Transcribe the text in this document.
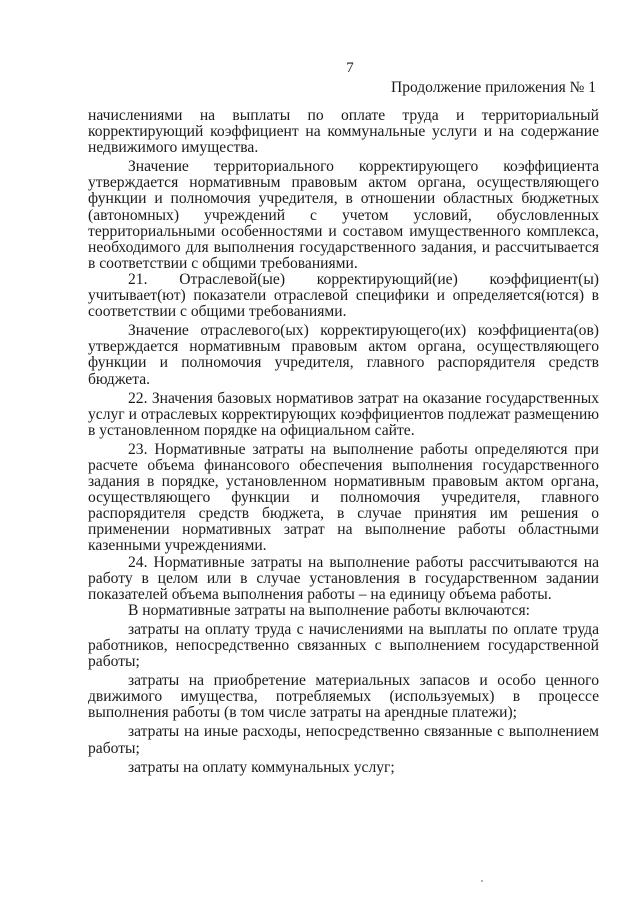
7
Продолжение приложения № 1

начислениями на выплаты по оплате труда и территориальный корректирующий коэффициент на коммунальные услуги и на содержание недвижимого имущества.

Значение территориального корректирующего коэффициента утверждается нормативным правовым актом органа, осуществляющего функции и полномочия учредителя, в отношении областных бюджетных (автономных) учреждений с учетом условий, обусловленных территориальными особенностями и составом имущественного комплекса, необходимого для выполнения государственного задания, и рассчитывается в соответствии с общими требованиями.

21. Отраслевой(ые) корректирующий(ие) коэффициент(ы) учитывает(ют) показатели отраслевой специфики и определяется(ются) в соответствии с общими требованиями.

Значение отраслевого(ых) корректирующего(их) коэффициента(ов) утверждается нормативным правовым актом органа, осуществляющего функции и полномочия учредителя, главного распорядителя средств бюджета.

22. Значения базовых нормативов затрат на оказание государственных услуг и отраслевых корректирующих коэффициентов подлежат размещению в установленном порядке на официальном сайте.

23. Нормативные затраты на выполнение работы определяются при расчете объема финансового обеспечения выполнения государственного задания в порядке, установленном нормативным правовым актом органа, осуществляющего функции и полномочия учредителя, главного распорядителя средств бюджета, в случае принятия им решения о применении нормативных затрат на выполнение работы областными казенными учреждениями.

24. Нормативные затраты на выполнение работы рассчитываются на работу в целом или в случае установления в государственном задании показателей объема выполнения работы – на единицу объема работы.

В нормативные затраты на выполнение работы включаются:

затраты на оплату труда с начислениями на выплаты по оплате труда работников, непосредственно связанных с выполнением государственной работы;

затраты на приобретение материальных запасов и особо ценного движимого имущества, потребляемых (используемых) в процессе выполнения работы (в том числе затраты на арендные платежи);

затраты на иные расходы, непосредственно связанные с выполнением работы;

затраты на оплату коммунальных услуг;
